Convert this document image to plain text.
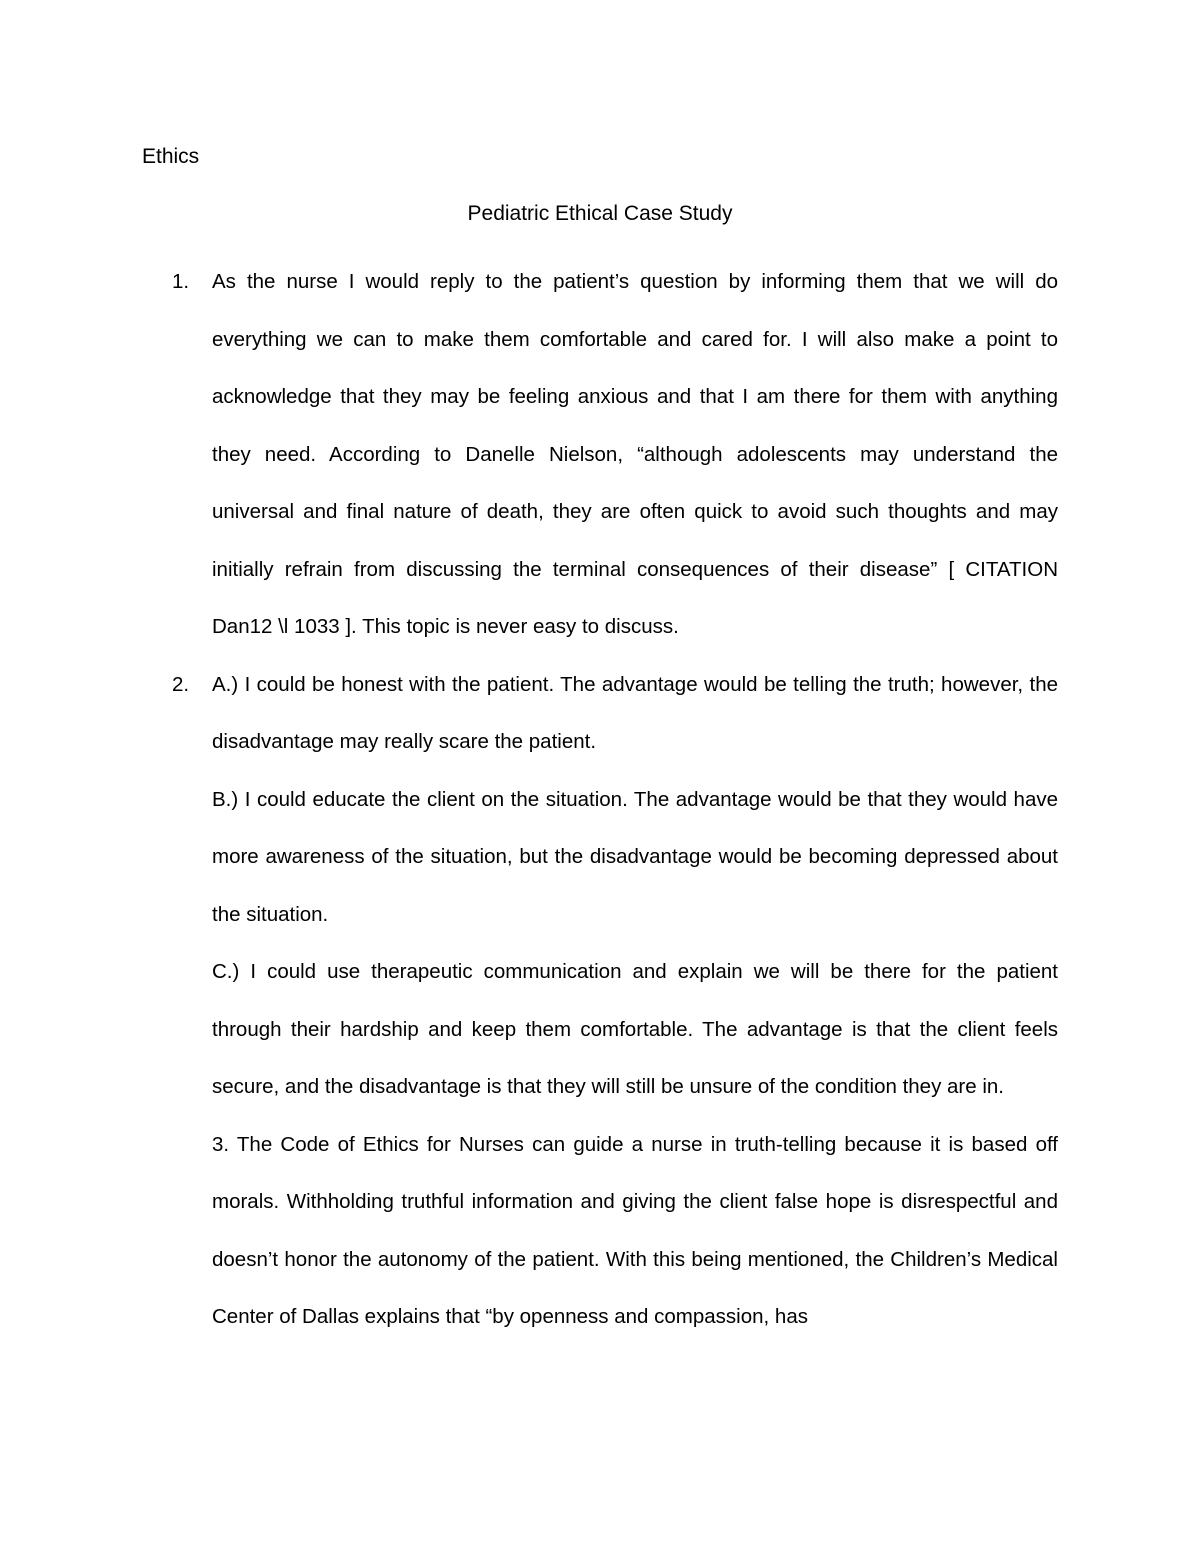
Ethics
Pediatric Ethical Case Study
1. As the nurse I would reply to the patient’s question by informing them that we will do everything we can to make them comfortable and cared for. I will also make a point to acknowledge that they may be feeling anxious and that I am there for them with anything they need. According to Danelle Nielson, “although adolescents may understand the universal and final nature of death, they are often quick to avoid such thoughts and may initially refrain from discussing the terminal consequences of their disease” [ CITATION Dan12 \l 1033 ]. This topic is never easy to discuss.
2. A.) I could be honest with the patient. The advantage would be telling the truth; however, the disadvantage may really scare the patient.
B.) I could educate the client on the situation. The advantage would be that they would have more awareness of the situation, but the disadvantage would be becoming depressed about the situation.
C.) I could use therapeutic communication and explain we will be there for the patient through their hardship and keep them comfortable. The advantage is that the client feels secure, and the disadvantage is that they will still be unsure of the condition they are in.
3. The Code of Ethics for Nurses can guide a nurse in truth-telling because it is based off morals. Withholding truthful information and giving the client false hope is disrespectful and doesn’t honor the autonomy of the patient. With this being mentioned, the Children’s Medical Center of Dallas explains that “by openness and compassion, has
